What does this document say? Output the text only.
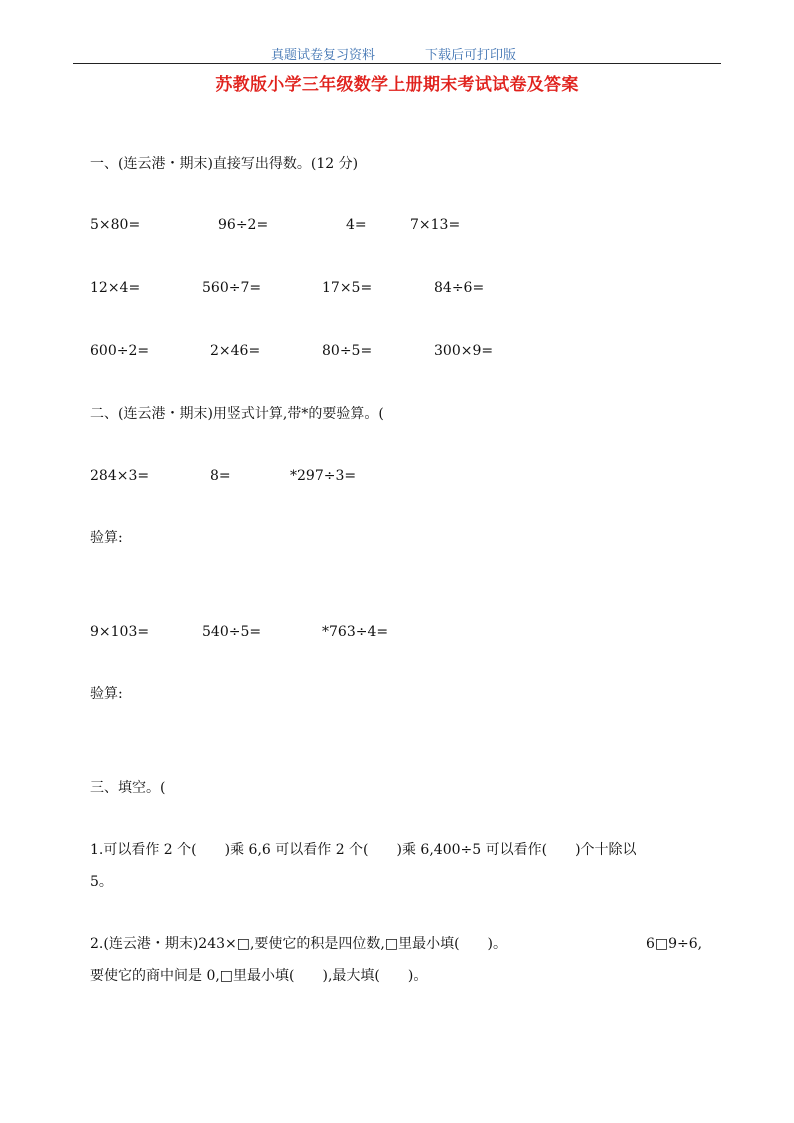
真题试卷复习资料	下载后可打印版
苏教版小学三年级数学上册期末考试试卷及答案
一、(连云港・期末)直接写出得数。(12 分)
5×80=	96÷2=	4=	7×13=
12×4=	560÷7=	17×5=	84÷6=
600÷2=	2×46=	80÷5=	300×9=
二、(连云港・期末)用竖式计算,带*的要验算。(
284×3=	8=	*297÷3=
验算:
9×103=	540÷5=	*763÷4=
验算:
三、填空。(
1.可以看作 2 个(　　)乘 6,6 可以看作 2 个(　　)乘 6,400÷5 可以看作(　　)个十除以
5。
2.(连云港・期末)243×□,要使它的积是四位数,□里最小填(　　)。	6□9÷6,
要使它的商中间是 0,□里最小填(　　),最大填(　　)。
